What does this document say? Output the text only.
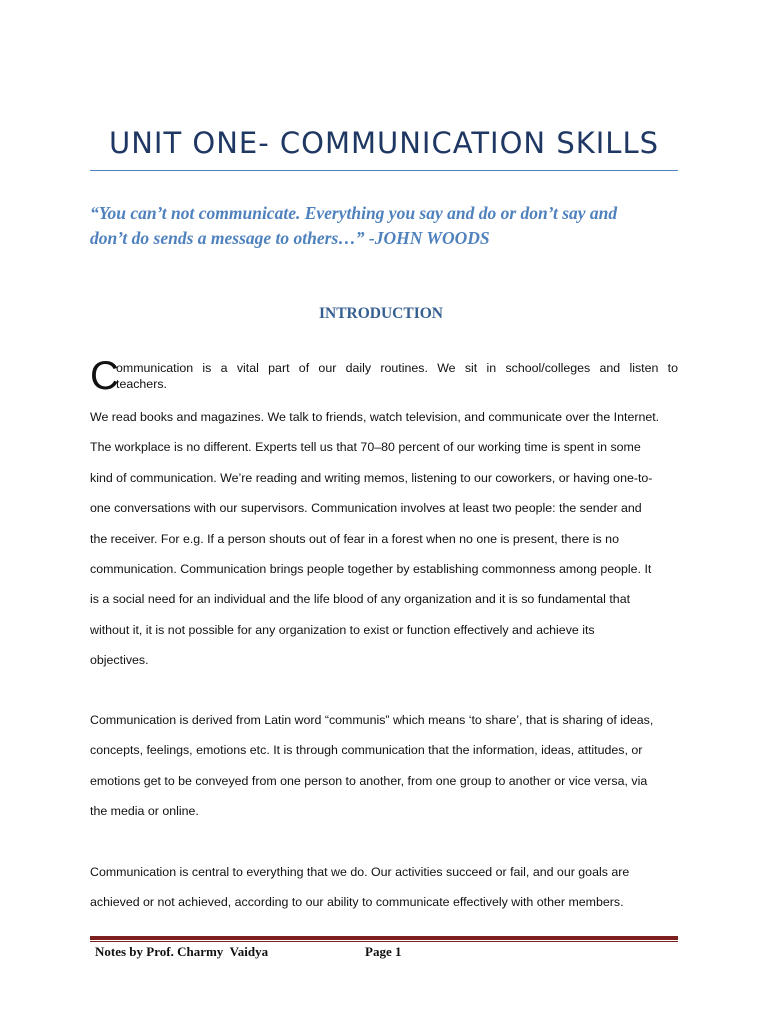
UNIT ONE- COMMUNICATION SKILLS
“You can’t not communicate. Everything you say and do or don’t say and
don’t do sends a message to others…” -JOHN WOODS
INTRODUCTION
C
ommunication is a vital part of our daily routines. We sit in school/colleges and listen to
teachers.
We read books and magazines. We talk to friends, watch television, and communicate over the Internet.
The workplace is no different. Experts tell us that 70–80 percent of our working time is spent in some
kind of communication. We’re reading and writing memos, listening to our coworkers, or having one-to-
one conversations with our supervisors. Communication involves at least two people: the sender and
the receiver. For e.g. If a person shouts out of fear in a forest when no one is present, there is no
communication. Communication brings people together by establishing commonness among people. It
is a social need for an individual and the life blood of any organization and it is so fundamental that
without it, it is not possible for any organization to exist or function effectively and achieve its
objectives.
Communication is derived from Latin word “communis” which means ‘to share’, that is sharing of ideas,
concepts, feelings, emotions etc. It is through communication that the information, ideas, attitudes, or
emotions get to be conveyed from one person to another, from one group to another or vice versa, via
the media or online.
Communication is central to everything that we do. Our activities succeed or fail, and our goals are
achieved or not achieved, according to our ability to communicate effectively with other members.
Notes by Prof. Charmy  Vaidya	Page 1
